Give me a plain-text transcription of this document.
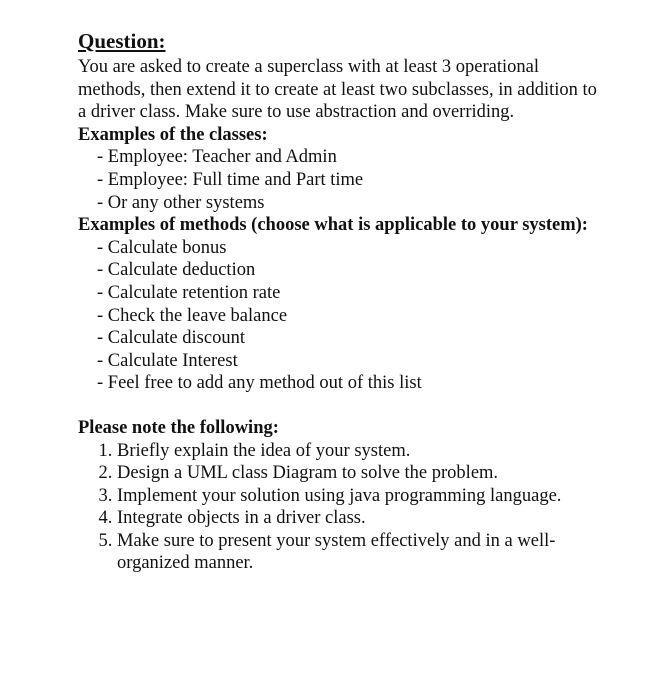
Question:

You are asked to create a superclass with at least 3 operational methods, then extend it to create at least two subclasses, in addition to a driver class. Make sure to use abstraction and overriding.

Examples of the classes:

- Employee: Teacher and Admin
- Employee: Full time and Part time
- Or any other systems

Examples of methods (choose what is applicable to your system):

- Calculate bonus
- Calculate deduction
- Calculate retention rate
- Check the leave balance
- Calculate discount
- Calculate Interest
- Feel free to add any method out of this list

Please note the following:

1. Briefly explain the idea of your system.
2. Design a UML class Diagram to solve the problem.
3. Implement your solution using java programming language.
4. Integrate objects in a driver class.
5. Make sure to present your system effectively and in a well-organized manner.
